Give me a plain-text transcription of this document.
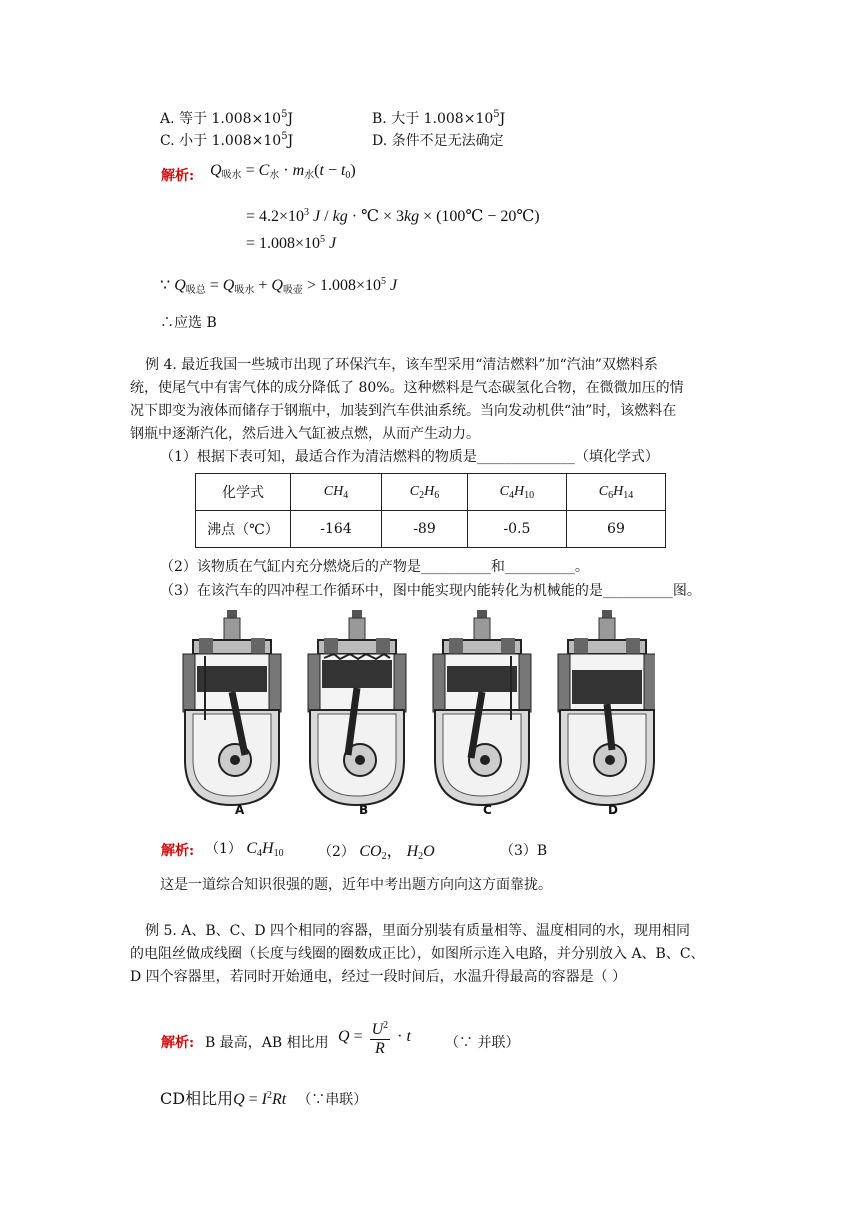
A. 等于 $1.008\times 10^5J$	B. 大于 $1.008\times 10^5J$
C. 小于 $1.008\times 10^5J$	D. 条件不足无法确定
解析: $Q_{吸水} = C_水 \cdot m_水(t - t_0)$
= $4.2\times 10^3$ J / kg · ℃ × 3kg × (100℃ − 20℃)
= $1.008\times 10^5$ J
∵ $Q_{吸总} = Q_{吸水} + Q_{吸壶} > 1.008\times 10^5$ J
∴应选 B
例 4. 最近我国一些城市出现了环保汽车，该车型采用“清洁燃料”加“汽油”双燃料系
统，使尾气中有害气体的成分降低了 80%。这种燃料是气态碳氢化合物，在微微加压的情
况下即变为液体而储存于钢瓶中，加装到汽车供油系统。当向发动机供“油”时，该燃料在
钢瓶中逐渐汽化，然后进入气缸被点燃，从而产生动力。
（1）根据下表可知，最适合作为清洁燃料的物质是______________（填化学式）
化学式	$CH_4$	$C_2H_6$	$C_4H_{10}$	$C_6H_{14}$
沸点（℃）	-164	-89	-0.5	69
（2）该物质在气缸内充分燃烧后的产物是__________和__________。
（3）在该汽车的四冲程工作循环中，图中能实现内能转化为机械能的是__________图。
A	B	C	D
解析: （1） $C_4H_{10}$ （2） $CO_2$， $H_2O$	（3）B
这是一道综合知识很强的题，近年中考出题方向向这方面靠拢。
例 5. A、B、C、D 四个相同的容器，里面分别装有质量相等、温度相同的水，现用相同
的电阻丝做成线圈（长度与线圈的圈数成正比），如图所示连入电路，并分别放入 A、B、C、
D 四个容器里，若同时开始通电，经过一段时间后，水温升得最高的容器是（ ）
解析: B 最高，AB 相比用 $Q = \frac{U^2}{R} \cdot t$ （∵ 并联）
CD相比用$Q = I^2Rt$ （∵串联）
